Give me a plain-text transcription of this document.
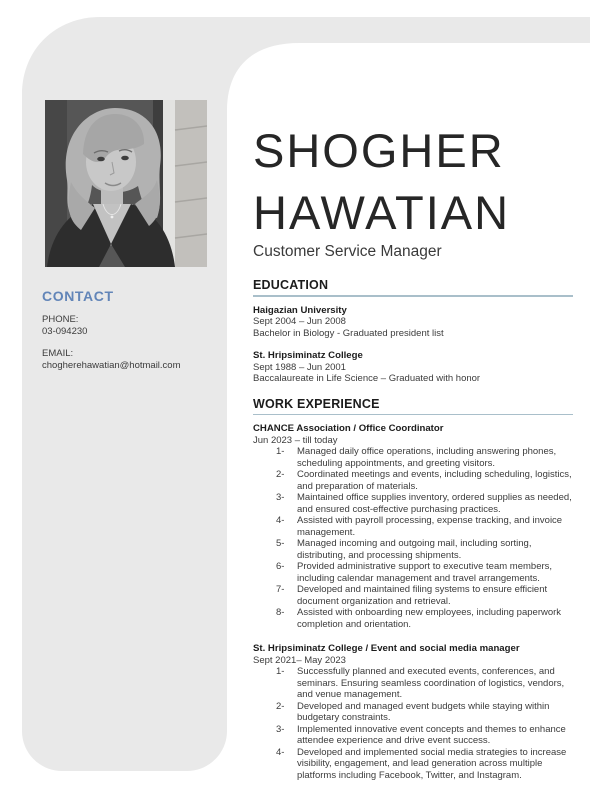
CONTACT
PHONE:
03-094230
EMAIL:
chogherehawatian@hotmail.com
SHOGHER
HAWATIAN
Customer Service Manager
EDUCATION
Haigazian University
Sept 2004 – Jun 2008
Bachelor in Biology - Graduated president list
St. Hripsiminatz College
Sept 1988 – Jun 2001
Baccalaureate in Life Science – Graduated with honor
WORK EXPERIENCE
CHANCE Association / Office Coordinator
Jun 2023 – till today
1-	Managed daily office operations, including answering phones, scheduling appointments, and greeting visitors.
2-	Coordinated meetings and events, including scheduling, logistics, and preparation of materials.
3-	Maintained office supplies inventory, ordered supplies as needed, and ensured cost-effective purchasing practices.
4-	Assisted with payroll processing, expense tracking, and invoice management.
5-	Managed incoming and outgoing mail, including sorting, distributing, and processing shipments.
6-	Provided administrative support to executive team members, including calendar management and travel arrangements.
7-	Developed and maintained filing systems to ensure efficient document organization and retrieval.
8-	Assisted with onboarding new employees, including paperwork completion and orientation.
St. Hripsiminatz College / Event and social media manager
Sept 2021– May 2023
1-	Successfully planned and executed events, conferences, and seminars. Ensuring seamless coordination of logistics, vendors, and venue management.
2-	Developed and managed event budgets while staying within budgetary constraints.
3-	Implemented innovative event concepts and themes to enhance attendee experience and drive event success.
4-	Developed and implemented social media strategies to increase visibility, engagement, and lead generation across multiple platforms including Facebook, Twitter, and Instagram.
